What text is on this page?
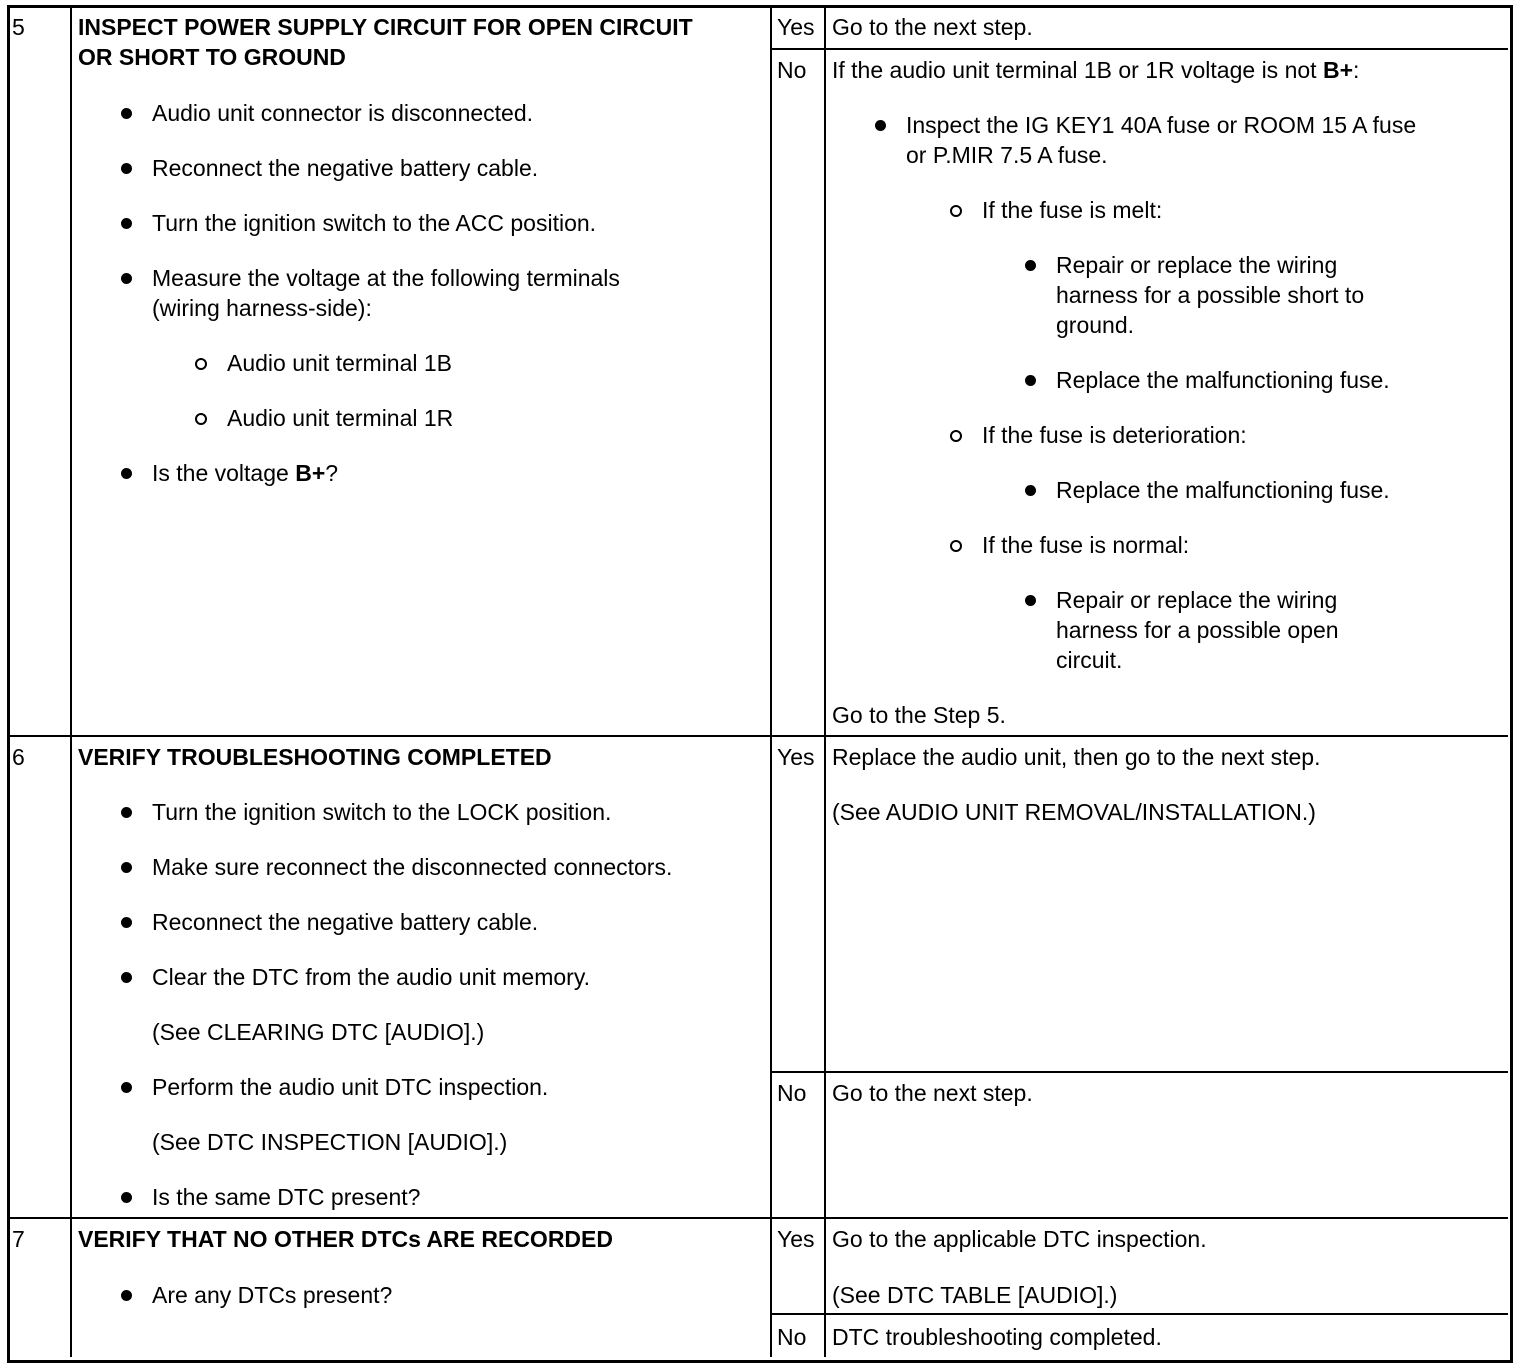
5 INSPECT POWER SUPPLY CIRCUIT FOR OPEN CIRCUIT
OR SHORT TO GROUND
Audio unit connector is disconnected.
Reconnect the negative battery cable.
Turn the ignition switch to the ACC position.
Measure the voltage at the following terminals
(wiring harness-side):
Audio unit terminal 1B
Audio unit terminal 1R
Is the voltage B+?
Yes Go to the next step.
No If the audio unit terminal 1B or 1R voltage is not B+:
Inspect the IG KEY1 40A fuse or ROOM 15 A fuse
or P.MIR 7.5 A fuse.
If the fuse is melt:
Repair or replace the wiring
harness for a possible short to
ground.
Replace the malfunctioning fuse.
If the fuse is deterioration:
Replace the malfunctioning fuse.
If the fuse is normal:
Repair or replace the wiring
harness for a possible open
circuit.
Go to the Step 5.
6 VERIFY TROUBLESHOOTING COMPLETED
Turn the ignition switch to the LOCK position.
Make sure reconnect the disconnected connectors.
Reconnect the negative battery cable.
Clear the DTC from the audio unit memory.
(See CLEARING DTC [AUDIO].)
Perform the audio unit DTC inspection.
(See DTC INSPECTION [AUDIO].)
Is the same DTC present?
Yes Replace the audio unit, then go to the next step.
(See AUDIO UNIT REMOVAL/INSTALLATION.)
No Go to the next step.
7 VERIFY THAT NO OTHER DTCs ARE RECORDED
Are any DTCs present?
Yes Go to the applicable DTC inspection.
(See DTC TABLE [AUDIO].)
No DTC troubleshooting completed.
